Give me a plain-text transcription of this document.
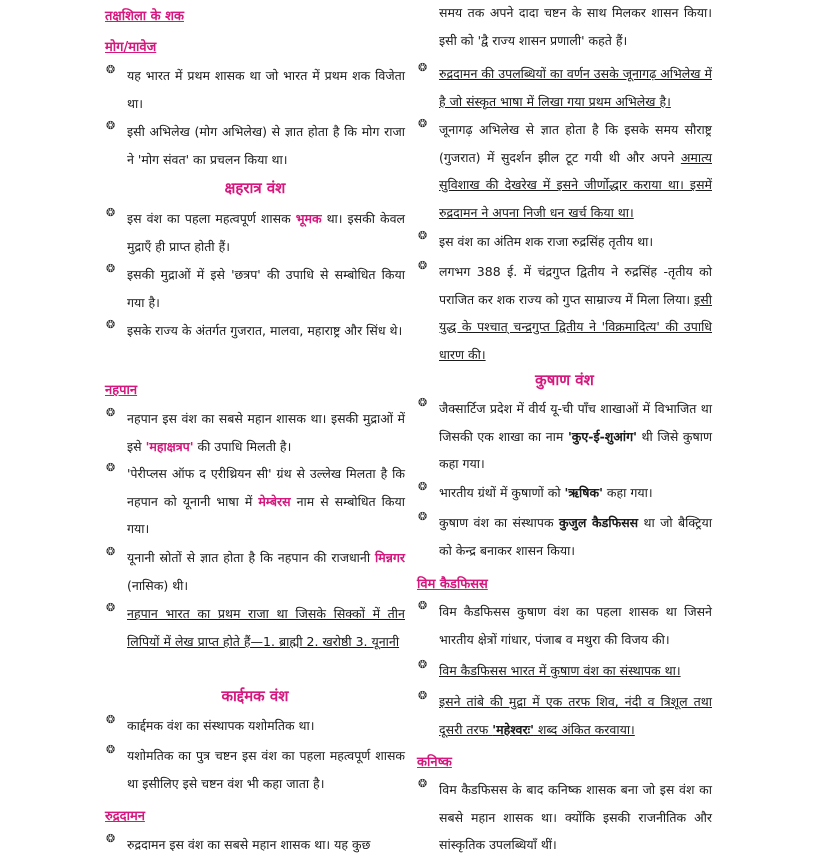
तक्षशिला के शक
मोग/मावेज
❂ यह भारत में प्रथम शासक था जो भारत में प्रथम शक विजेता था।
❂ इसी अभिलेख (मोग अभिलेख) से ज्ञात होता है कि मोग राजा ने 'मोग संवत' का प्रचलन किया था।
क्षहरात्र वंश
❂ इस वंश का पहला महत्वपूर्ण शासक भूमक था। इसकी केवल मुद्राएँ ही प्राप्त होती हैं।
❂ इसकी मुद्राओं में इसे 'छत्रप' की उपाधि से सम्बोधित किया गया है।
❂ इसके राज्य के अंतर्गत गुजरात, मालवा, महाराष्ट्र और सिंध थे।
नहपान
❂ नहपान इस वंश का सबसे महान शासक था। इसकी मुद्राओं में इसे 'महाक्षत्रप' की उपाधि मिलती है।
❂ 'पेरीप्लस ऑफ द एरीथ्रियन सी' ग्रंथ से उल्लेख मिलता है कि नहपान को यूनानी भाषा में मेम्बेरस नाम से सम्बोधित किया गया।
❂ यूनानी स्रोतों से ज्ञात होता है कि नहपान की राजधानी मिन्नगर (नासिक) थी।
❂ नहपान भारत का प्रथम राजा था जिसके सिक्कों में तीन लिपियों में लेख प्राप्त होते हैं—1. ब्राह्मी 2. खरोष्ठी 3. यूनानी
कार्द्दमक वंश
❂ कार्द्दमक वंश का संस्थापक यशोमतिक था।
❂ यशोमतिक का पुत्र चष्टन इस वंश का पहला महत्वपूर्ण शासक था इसीलिए इसे चष्टन वंश भी कहा जाता है।
रुद्रदामन
❂ रुद्रदामन इस वंश का सबसे महान शासक था। यह कुछ
समय तक अपने दादा चष्टन के साथ मिलकर शासन किया। इसी को 'द्वै राज्य शासन प्रणाली' कहते हैं।
❂ रुद्रदामन की उपलब्धियों का वर्णन उसके जूनागढ़ अभिलेख में है जो संस्कृत भाषा में लिखा गया प्रथम अभिलेख है।
❂ जूनागढ़ अभिलेख से ज्ञात होता है कि इसके समय सौराष्ट्र (गुजरात) में सुदर्शन झील टूट गयी थी और अपने अमात्य सुविशाख की देखरेख में इसने जीर्णोद्धार कराया था। इसमें रुद्रदामन ने अपना निजी धन खर्च किया था।
❂ इस वंश का अंतिम शक राजा रुद्रसिंह तृतीय था।
❂ लगभग 388 ई. में चंद्रगुप्त द्वितीय ने रुद्रसिंह -तृतीय को पराजित कर शक राज्य को गुप्त साम्राज्य में मिला लिया। इसी युद्ध के पश्चात् चन्द्रगुप्त द्वितीय ने 'विक्रमादित्य' की उपाधि धारण की।
कुषाण वंश
❂ जैक्सार्टिज प्रदेश में वीर्य यू-ची पाँच शाखाओं में विभाजित था जिसकी एक शाखा का नाम 'कुए-ई-शुआंग' थी जिसे कुषाण कहा गया।
❂ भारतीय ग्रंथों में कुषाणों को 'ऋषिक' कहा गया।
❂ कुषाण वंश का संस्थापक कुजुल कैडफिसस था जो बैक्ट्रिया को केन्द्र बनाकर शासन किया।
विम कैडफिसस
❂ विम कैडफिसस कुषाण वंश का पहला शासक था जिसने भारतीय क्षेत्रों गांधार, पंजाब व मथुरा की विजय की।
❂ विम कैडफिसस भारत में कुषाण वंश का संस्थापक था।
❂ इसने तांबे की मुद्रा में एक तरफ शिव, नंदी व त्रिशूल तथा दूसरी तरफ 'महेश्वरः' शब्द अंकित करवाया।
कनिष्क
❂ विम कैडफिसस के बाद कनिष्क शासक बना जो इस वंश का सबसे महान शासक था। क्योंकि इसकी राजनीतिक और सांस्कृतिक उपलब्धियाँ थीं।
